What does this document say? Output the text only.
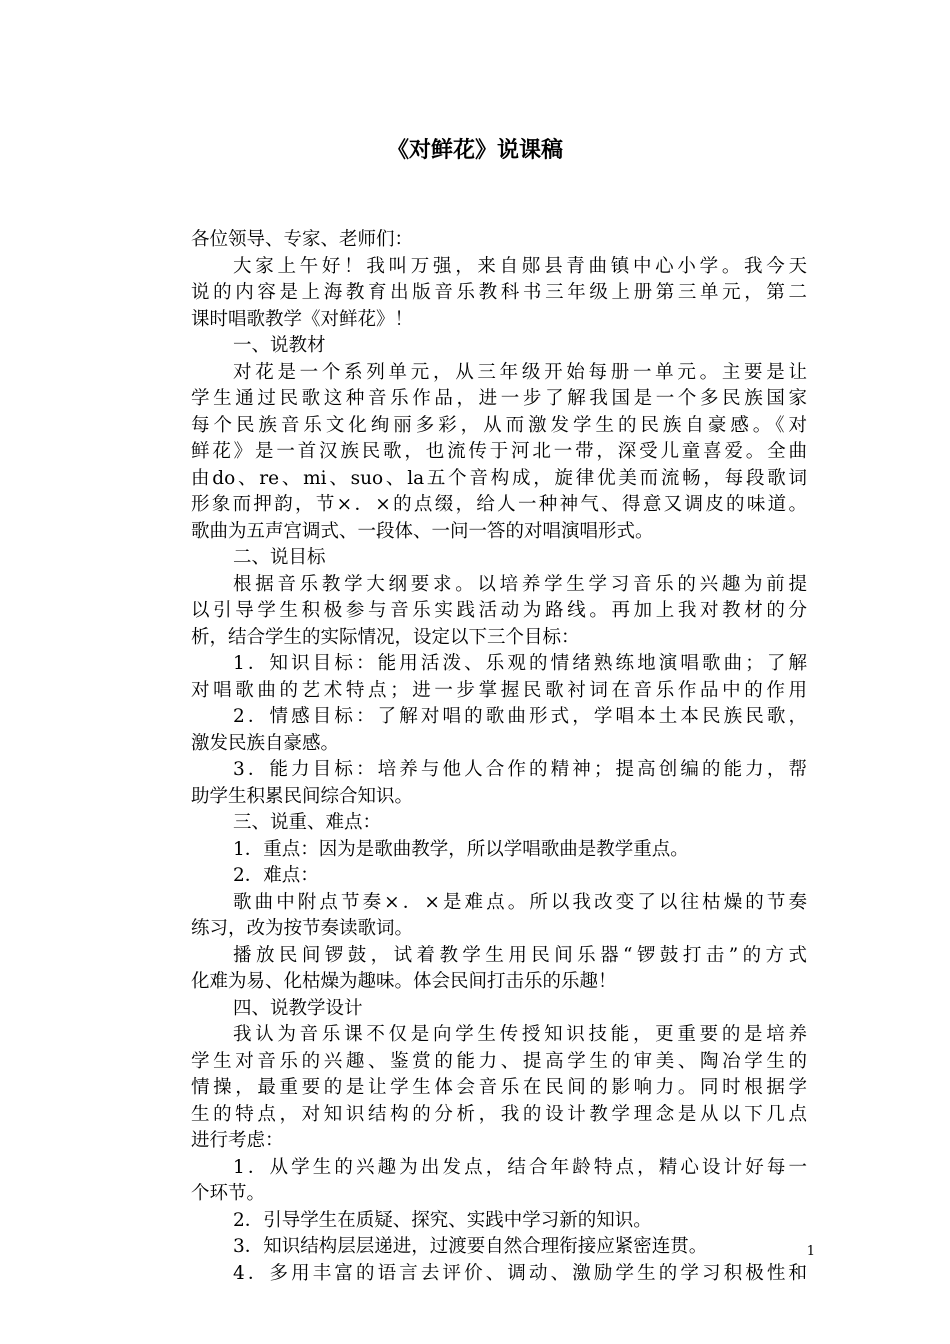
《对鲜花》说课稿
各位领导、专家、老师们：
大家上午好！我叫万强，来自郧县青曲镇中心小学。我今天
说的内容是上海教育出版音乐教科书三年级上册第三单元，第二
课时唱歌教学《对鲜花》！
一、说教材
对花是一个系列单元，从三年级开始每册一单元。主要是让
学生通过民歌这种音乐作品，进一步了解我国是一个多民族国家
每个民族音乐文化绚丽多彩，从而激发学生的民族自豪感。《对
鲜花》是一首汉族民歌，也流传于河北一带，深受儿童喜爱。全曲
由do、re、mi、suo、la五个音构成，旋律优美而流畅，每段歌词
形象而押韵，节×．×的点缀，给人一种神气、得意又调皮的味道。
歌曲为五声宫调式、一段体、一问一答的对唱演唱形式。
二、说目标
根据音乐教学大纲要求。以培养学生学习音乐的兴趣为前提
以引导学生积极参与音乐实践活动为路线。再加上我对教材的分
析，结合学生的实际情况，设定以下三个目标：
1．知识目标：能用活泼、乐观的情绪熟练地演唱歌曲；了解
对唱歌曲的艺术特点；进一步掌握民歌衬词在音乐作品中的作用
2．情感目标：了解对唱的歌曲形式，学唱本土本民族民歌，
激发民族自豪感。
3．能力目标：培养与他人合作的精神；提高创编的能力，帮
助学生积累民间综合知识。
三、说重、难点：
1．重点：因为是歌曲教学，所以学唱歌曲是教学重点。
2．难点：
歌曲中附点节奏×．×是难点。所以我改变了以往枯燥的节奏
练习，改为按节奏读歌词。
播放民间锣鼓，试着教学生用民间乐器“锣鼓打击”的方式
化难为易、化枯燥为趣味。体会民间打击乐的乐趣！
四、说教学设计
我认为音乐课不仅是向学生传授知识技能，更重要的是培养
学生对音乐的兴趣、鉴赏的能力、提高学生的审美、陶冶学生的
情操，最重要的是让学生体会音乐在民间的影响力。同时根据学
生的特点，对知识结构的分析，我的设计教学理念是从以下几点
进行考虑：
1．从学生的兴趣为出发点，结合年龄特点，精心设计好每一
个环节。
2．引导学生在质疑、探究、实践中学习新的知识。
3．知识结构层层递进，过渡要自然合理衔接应紧密连贯。
4．多用丰富的语言去评价、调动、激励学生的学习积极性和
1
